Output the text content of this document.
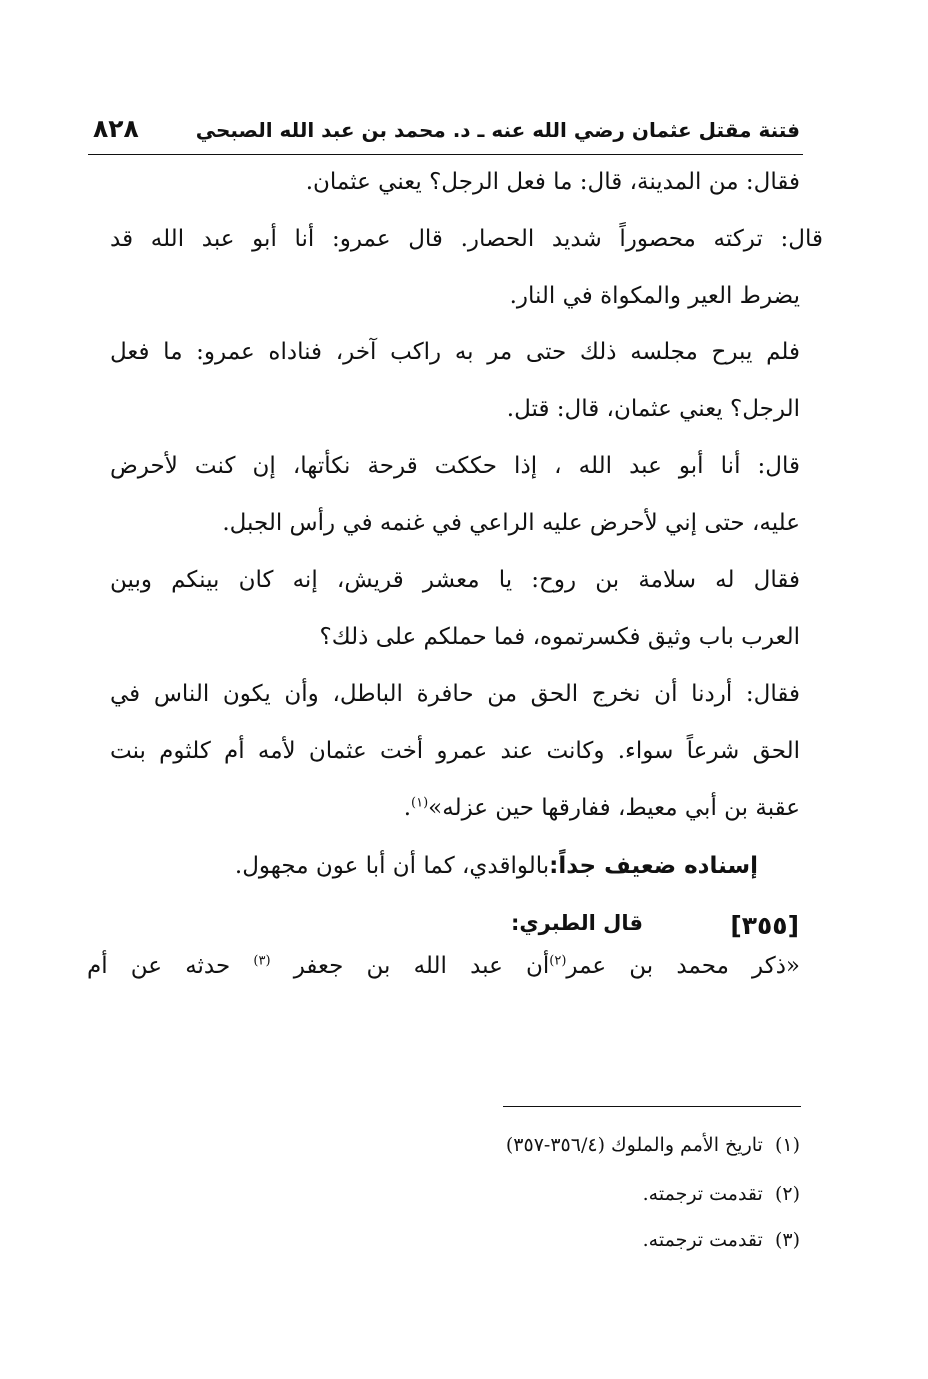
فتنة مقتل عثمان رضي الله عنه ـ د. محمد بن عبد الله الصبحي
٨٢٨
فقال: من المدينة، قال: ما فعل الرجل؟ يعني عثمان.
قال: تركته محصوراً شديد الحصار. قال عمرو: أنا أبو عبد الله قد
يضرط العير والمكواة في النار.
فلم يبرح مجلسه ذلك حتى مر به راكب آخر، فناداه عمرو: ما فعل
الرجل؟ يعني عثمان، قال: قتل.
قال: أنا أبو عبد الله ، إذا حككت قرحة نكأتها، إن كنت لأحرض
عليه، حتى إني لأحرض عليه الراعي في غنمه في رأس الجبل.
فقال له سلامة بن روح: يا معشر قريش، إنه كان بينكم وبين
العرب باب وثيق فكسرتموه، فما حملكم على ذلك؟
فقال: أردنا أن نخرج الحق من حافرة الباطل، وأن يكون الناس في
الحق شرعاً سواء. وكانت عند عمرو أخت عثمان لأمه أم كلثوم بنت
عقبة بن أبي معيط، ففارقها حين عزله»$^{(١)}$.
إسناده ضعيف جداً:بالواقدي، كما أن أبا عون مجهول.
[٣٥٥]
قال الطبري:
«ذكر محمد بن عمر$^{(٢)}$أن عبد الله بن جعفر $^{(٣)}$ حدثه عن أم
(١)  تاريخ الأمم والملوك (٣٥٦/٤-٣٥٧)
(٢)  تقدمت ترجمته.
(٣)  تقدمت ترجمته.
